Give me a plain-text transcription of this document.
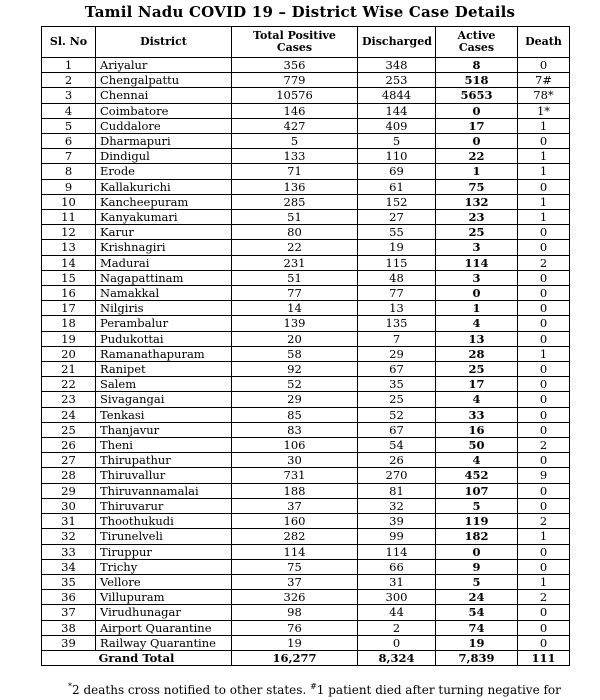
Tamil Nadu COVID 19 – District Wise Case Details
Sl. No	District	Total Positive Cases	Discharged	Active Cases	Death
1	Ariyalur	356	348	8	0
2	Chengalpattu	779	253	518	7#
3	Chennai	10576	4844	5653	78*
4	Coimbatore	146	144	0	1*
5	Cuddalore	427	409	17	1
6	Dharmapuri	5	5	0	0
7	Dindigul	133	110	22	1
8	Erode	71	69	1	1
9	Kallakurichi	136	61	75	0
10	Kancheepuram	285	152	132	1
11	Kanyakumari	51	27	23	1
12	Karur	80	55	25	0
13	Krishnagiri	22	19	3	0
14	Madurai	231	115	114	2
15	Nagapattinam	51	48	3	0
16	Namakkal	77	77	0	0
17	Nilgiris	14	13	1	0
18	Perambalur	139	135	4	0
19	Pudukottai	20	7	13	0
20	Ramanathapuram	58	29	28	1
21	Ranipet	92	67	25	0
22	Salem	52	35	17	0
23	Sivagangai	29	25	4	0
24	Tenkasi	85	52	33	0
25	Thanjavur	83	67	16	0
26	Theni	106	54	50	2
27	Thirupathur	30	26	4	0
28	Thiruvallur	731	270	452	9
29	Thiruvannamalai	188	81	107	0
30	Thiruvarur	37	32	5	0
31	Thoothukudi	160	39	119	2
32	Tirunelveli	282	99	182	1
33	Tiruppur	114	114	0	0
34	Trichy	75	66	9	0
35	Vellore	37	31	5	1
36	Villupuram	326	300	24	2
37	Virudhunagar	98	44	54	0
38	Airport Quarantine	76	2	74	0
39	Railway Quarantine	19	0	19	0
Grand Total		16,277	8,324	7,839	111
*2 deaths cross notified to other states. #1 patient died after turning negative for
